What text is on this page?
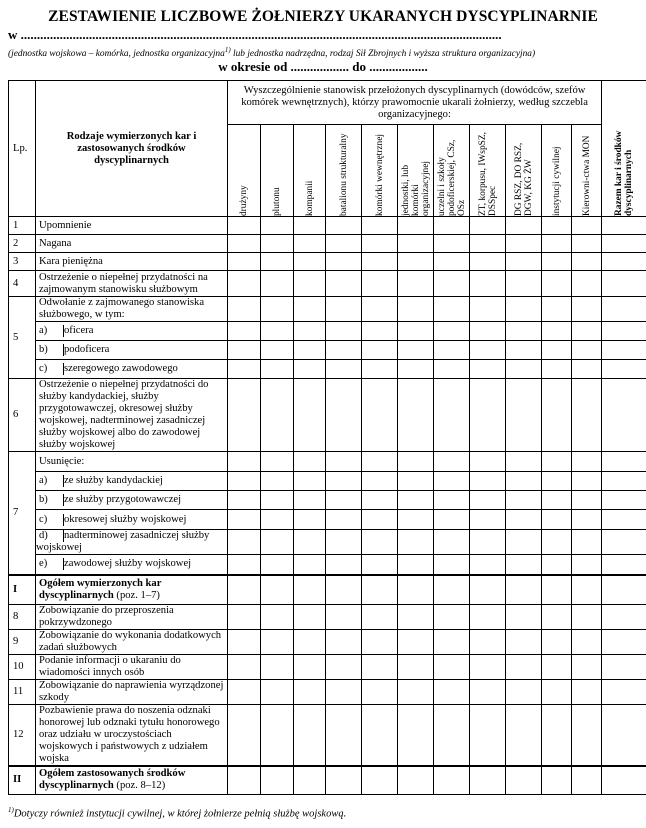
ZESTAWIENIE LICZBOWE ŻOŁNIERZY UKARANYCH DYSCYPLINARNIE
w ....................................................................................................................................................
(jednostka wojskowa – komórka, jednostka organizacyjna$^{1)}$ lub jednostka nadrzędna, rodzaj Sił Zbrojnych i wyższa struktura organizacyjna)
w okresie od .................. do ..................
Lp.	Rodzaje wymierzonych kar i zastosowanych środków dyscyplinarnych	Wyszczególnienie stanowisk przełożonych dyscyplinarnych (dowódców, szefów komórek wewnętrznych), którzy prawomocnie ukarali żołnierzy, według szczebla organizacyjnego:											Razem kar i środków dyscyplinarnych

		drużyny	plutonu	kompanii	batalionu strukturalny	komórki wewnętrznej	jednostki, lub komórki organizacyjnej	uczelni i szkoły podoficerskiej, CSz, OSz	ZT, korpusu, IWspSZ, DSSpec	DG RSZ, DO RSZ, DGW, KG ŻW	instytucji cywilnej	Kierowni-ctwa MON	

1	Upomnienie												
2	Nagana												
3	Kara pieniężna												
4	Ostrzeżenie o niepełnej przydatności na zajmowanym stanowisku służbowym												
5	Odwołanie z zajmowanego stanowiska służbowego, w tym:												
	a) oficera												
	b) podoficera												
	c) szeregowego zawodowego												
6	Ostrzeżenie o niepełnej przydatności do służby kandydackiej, służby przygotowawczej, okresowej służby wojskowej, nadterminowej zasadniczej służby wojskowej albo do zawodowej służby wojskowej												
7	Usunięcie:												
	a) ze służby kandydackiej												
	b) ze służby przygotowawczej												
	c) okresowej służby wojskowej												
	d) nadterminowej zasadniczej służby wojskowej												
	e) zawodowej służby wojskowej												
I	Ogółem wymierzonych kar dyscyplinarnych (poz. 1–7)												
8	Zobowiązanie do przeproszenia pokrzywdzonego												
9	Zobowiązanie do wykonania dodatkowych zadań służbowych												
10	Podanie informacji o ukaraniu do wiadomości innych osób												
11	Zobowiązanie do naprawienia wyrządzonej szkody												
12	Pozbawienie prawa do noszenia odznaki honorowej lub odznaki tytułu honorowego oraz udziału w uroczystościach wojskowych i państwowych z udziałem wojska												
II	Ogółem zastosowanych środków dyscyplinarnych (poz. 8–12)												
$^{1)}$Dotyczy również instytucji cywilnej, w której żołnierze pełnią służbę wojskową.
